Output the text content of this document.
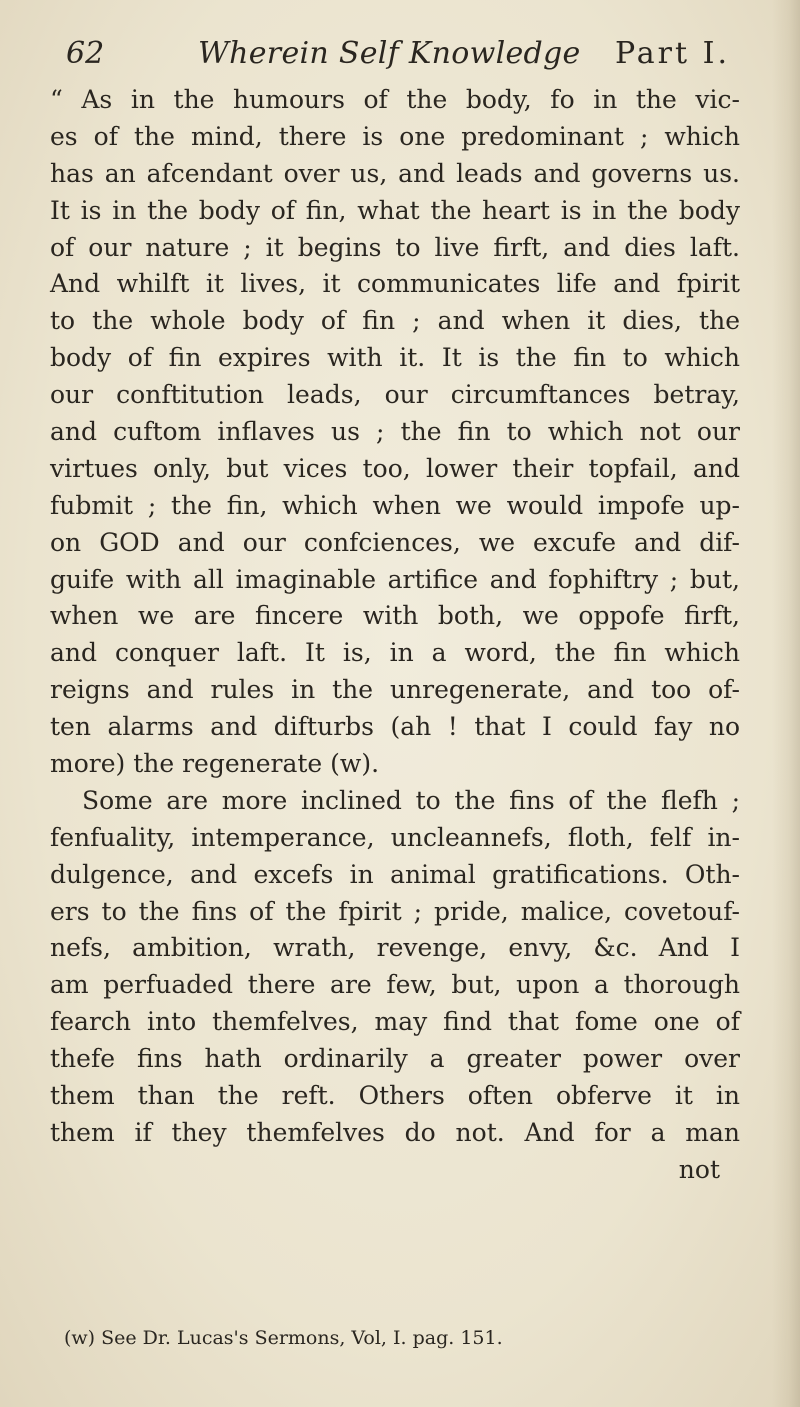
62	Wherein Self Knowledge Part I.
“ As in the humours of the body, fo in the vic-
es of the mind, there is one predominant ; which
has an afcendant over us, and leads and governs us.
It is in the body of fin, what the heart is in the body
of our nature ; it begins to live firft, and dies laft.
And whilft it lives, it communicates life and fpirit
to the whole body of fin ; and when it dies, the
body of fin expires with it. It is the fin to which
our conftitution leads, our circumftances betray,
and cuftom inflaves us ; the fin to which not our
virtues only, but vices too, lower their topfail, and
fubmit ; the fin, which when we would impofe up-
on GOD and our confciences, we excufe and dif-
guife with all imaginable artifice and fophiftry ; but,
when we are fincere with both, we oppofe firft,
and conquer laft. It is, in a word, the fin which
reigns and rules in the unregenerate, and too of-
ten alarms and difturbs (ah ! that I could fay no
more) the regenerate (w).
Some are more inclined to the fins of the flefh ;
fenfuality, intemperance, uncleannefs, floth, felf in-
dulgence, and excefs in animal gratifications. Oth-
ers to the fins of the fpirit ; pride, malice, covetouf-
nefs, ambition, wrath, revenge, envy, &c. And I
am perfuaded there are few, but, upon a thorough
fearch into themfelves, may find that fome one of
thefe fins hath ordinarily a greater power over
them than the reft. Others often obferve it in
them if they themfelves do not. And for a man
not
(w) See Dr. Lucas's Sermons, Vol, I. pag. 151.
